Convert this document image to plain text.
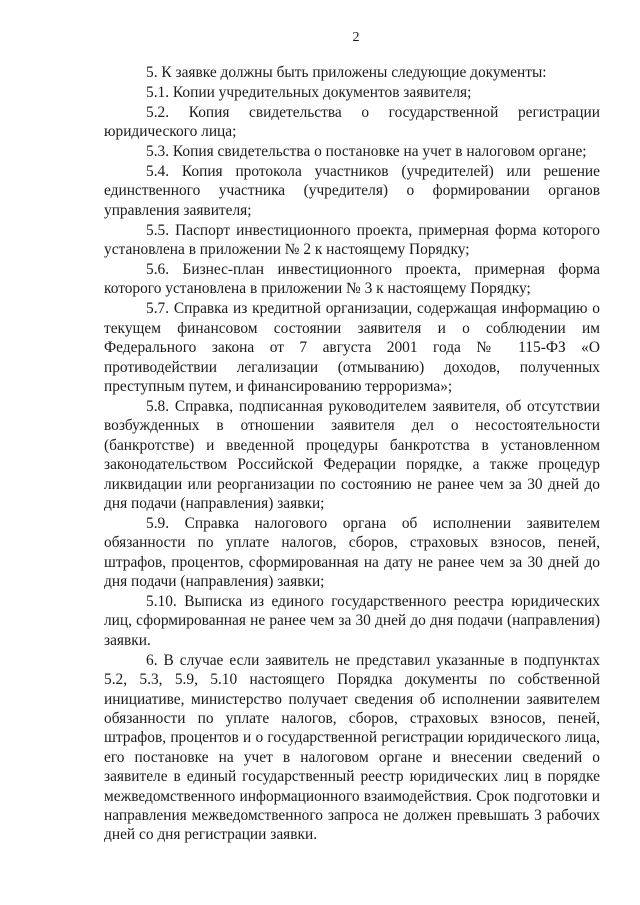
2

5. К заявке должны быть приложены следующие документы:

5.1. Копии учредительных документов заявителя;

5.2. Копия свидетельства о государственной регистрации юридического лица;

5.3. Копия свидетельства о постановке на учет в налоговом органе;

5.4. Копия протокола участников (учредителей) или решение единственного участника (учредителя) о формировании органов управления заявителя;

5.5. Паспорт инвестиционного проекта, примерная форма которого установлена в приложении № 2 к настоящему Порядку;

5.6. Бизнес-план инвестиционного проекта, примерная форма которого установлена в приложении № 3 к настоящему Порядку;

5.7. Справка из кредитной организации, содержащая информацию о текущем финансовом состоянии заявителя и о соблюдении им Федерального закона от 7 августа 2001 года № 115-ФЗ «О противодействии легализации (отмыванию) доходов, полученных преступным путем, и финансированию терроризма»;

5.8. Справка, подписанная руководителем заявителя, об отсутствии возбужденных в отношении заявителя дел о несостоятельности (банкротстве) и введенной процедуры банкротства в установленном законодательством Российской Федерации порядке, а также процедур ликвидации или реорганизации по состоянию не ранее чем за 30 дней до дня подачи (направления) заявки;

5.9. Справка налогового органа об исполнении заявителем обязанности по уплате налогов, сборов, страховых взносов, пеней, штрафов, процентов, сформированная на дату не ранее чем за 30 дней до дня подачи (направления) заявки;

5.10. Выписка из единого государственного реестра юридических лиц, сформированная не ранее чем за 30 дней до дня подачи (направления) заявки.

6. В случае если заявитель не представил указанные в подпунктах 5.2, 5.3, 5.9, 5.10 настоящего Порядка документы по собственной инициативе, министерство получает сведения об исполнении заявителем обязанности по уплате налогов, сборов, страховых взносов, пеней, штрафов, процентов и о государственной регистрации юридического лица, его постановке на учет в налоговом органе и внесении сведений о заявителе в единый государственный реестр юридических лиц в порядке межведомственного информационного взаимодействия. Срок подготовки и направления межведомственного запроса не должен превышать 3 рабочих дней со дня регистрации заявки.
